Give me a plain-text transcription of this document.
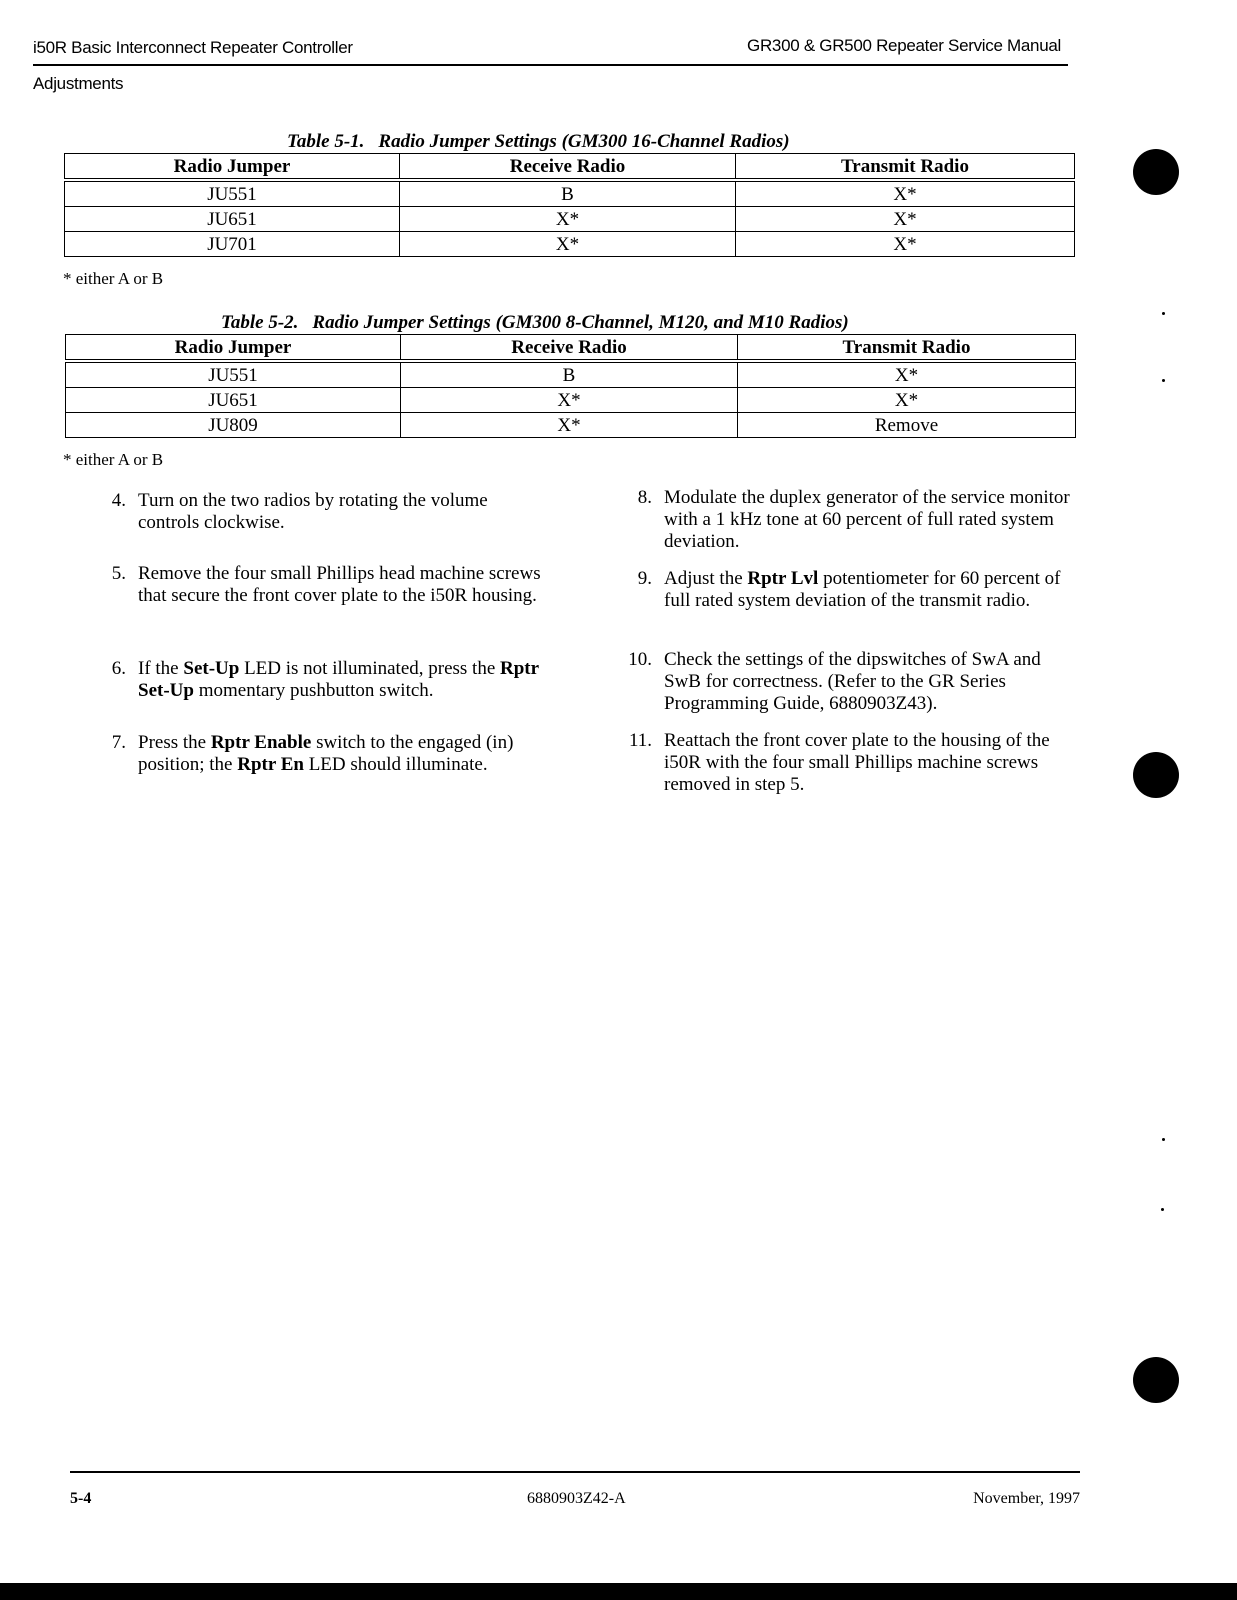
i50R Basic Interconnect Repeater Controller	GR300 & GR500 Repeater Service Manual
Adjustments
Table 5-1. Radio Jumper Settings (GM300 16-Channel Radios)
Radio Jumper	Receive Radio	Transmit Radio
JU551	B	X*
JU651	X*	X*
JU701	X*	X*
* either A or B
Table 5-2. Radio Jumper Settings (GM300 8-Channel, M120, and M10 Radios)
Radio Jumper	Receive Radio	Transmit Radio
JU551	B	X*
JU651	X*	X*
JU809	X*	Remove
* either A or B
4. Turn on the two radios by rotating the volume controls clockwise.
5. Remove the four small Phillips head machine screws that secure the front cover plate to the i50R housing.
6. If the Set-Up LED is not illuminated, press the Rptr Set-Up momentary pushbutton switch.
7. Press the Rptr Enable switch to the engaged (in) position; the Rptr En LED should illuminate.
8. Modulate the duplex generator of the service monitor with a 1 kHz tone at 60 percent of full rated system deviation.
9. Adjust the Rptr Lvl potentiometer for 60 percent of full rated system deviation of the transmit radio.
10. Check the settings of the dipswitches of SwA and SwB for correctness. (Refer to the GR Series Programming Guide, 6880903Z43).
11. Reattach the front cover plate to the housing of the i50R with the four small Phillips machine screws removed in step 5.
5-4	6880903Z42-A	November, 1997
